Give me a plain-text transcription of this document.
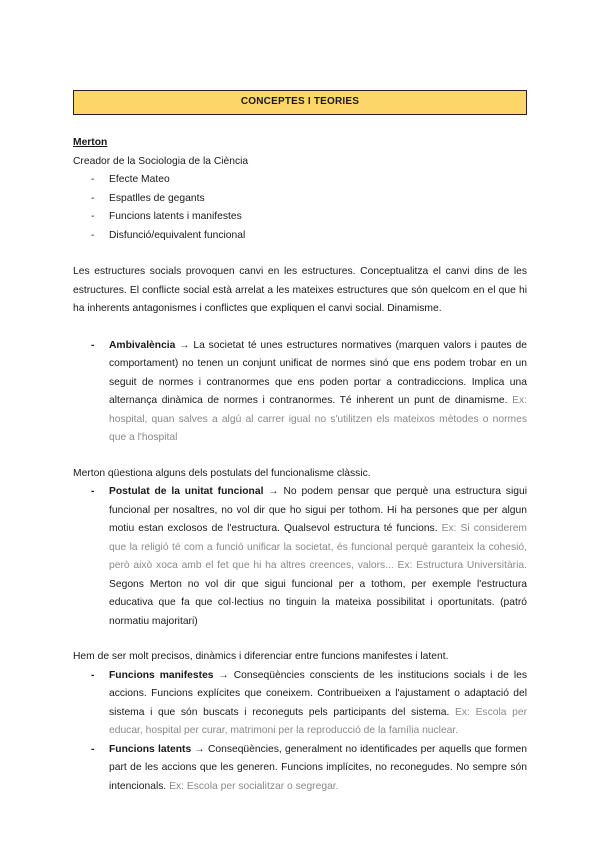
CONCEPTES I TEORIES
Merton
Creador de la Sociologia de la Ciència
- Efecte Mateo
- Espatlles de gegants
- Funcions latents i manifestes
- Disfunció/equivalent funcional

Les estructures socials provoquen canvi en les estructures. Conceptualitza el canvi dins de les estructures. El conflicte social està arrelat a les mateixes estructures que són quelcom en el que hi ha inherents antagonismes i conflictes que expliquen el canvi social. Dinamisme.

- Ambivalència → La societat té unes estructures normatives (marquen valors i pautes de comportament) no tenen un conjunt unificat de normes sinó que ens podem trobar en un seguit de normes i contranormes que ens poden portar a contradiccions. Implica una alternança dinàmica de normes i contranormes. Té inherent un punt de dinamisme. Ex: hospital, quan salves a algú al carrer igual no s'utilitzen els mateixos mètodes o normes que a l'hospital

Merton qüestiona alguns dels postulats del funcionalisme clàssic.

- Postulat de la unitat funcional → No podem pensar que perquè una estructura sigui funcional per nosaltres, no vol dir que ho sigui per tothom. Hi ha persones que per algun motiu estan exclosos de l'estructura. Qualsevol estructura té funcions. Ex: Si considerem que la religió té com a funció unificar la societat, és funcional perquè garanteix la cohesió, però això xoca amb el fet que hi ha altres creences, valors... Ex: Estructura Universitària. Segons Merton no vol dir que sigui funcional per a tothom, per exemple l'estructura educativa que fa que col·lectius no tinguin la mateixa possibilitat i oportunitats. (patró normatiu majoritari)

Hem de ser molt precisos, dinàmics i diferenciar entre funcions manifestes i latent.

- Funcions manifestes → Conseqüències conscients de les institucions socials i de les accions. Funcions explícites que coneixem. Contribueixen a l'ajustament o adaptació del sistema i que són buscats i reconeguts pels participants del sistema. Ex: Escola per educar, hospital per curar, matrimoni per la reproducció de la família nuclear.
- Funcions latents → Conseqüències, generalment no identificades per aquells que formen part de les accions que les generen. Funcions implícites, no reconegudes. No sempre són intencionals. Ex: Escola per socialitzar o segregar.
